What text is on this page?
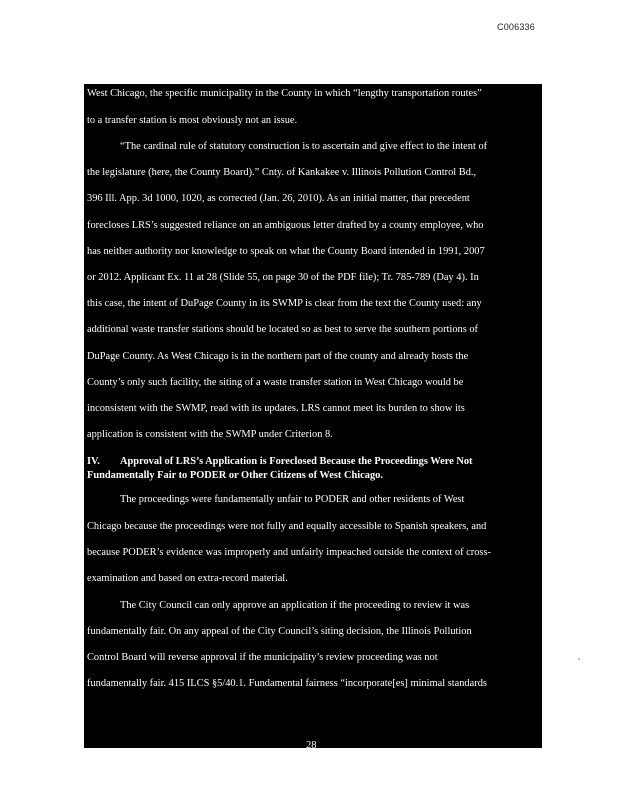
C006336
West Chicago, the specific municipality in the County in which “lengthy transportation routes”
to a transfer station is most obviously not an issue.
“The cardinal rule of statutory construction is to ascertain and give effect to the intent of
the legislature (here, the County Board).” Cnty. of Kankakee v. Illinois Pollution Control Bd.,
396 Ill. App. 3d 1000, 1020, as corrected (Jan. 26, 2010). As an initial matter, that precedent
forecloses LRS’s suggested reliance on an ambiguous letter drafted by a county employee, who
has neither authority nor knowledge to speak on what the County Board intended in 1991, 2007
or 2012. Applicant Ex. 11 at 28 (Slide 55, on page 30 of the PDF file); Tr. 785-789 (Day 4). In
this case, the intent of DuPage County in its SWMP is clear from the text the County used: any
additional waste transfer stations should be located so as best to serve the southern portions of
DuPage County. As West Chicago is in the northern part of the county and already hosts the
County’s only such facility, the siting of a waste transfer station in West Chicago would be
inconsistent with the SWMP, read with its updates. LRS cannot meet its burden to show its
application is consistent with the SWMP under Criterion 8.
IV. Approval of LRS’s Application is Foreclosed Because the Proceedings Were Not
Fundamentally Fair to PODER or Other Citizens of West Chicago.
The proceedings were fundamentally unfair to PODER and other residents of West
Chicago because the proceedings were not fully and equally accessible to Spanish speakers, and
because PODER’s evidence was improperly and unfairly impeached outside the context of cross-
examination and based on extra-record material.
The City Council can only approve an application if the proceeding to review it was
fundamentally fair. On any appeal of the City Council’s siting decision, the Illinois Pollution
Control Board will reverse approval if the municipality’s review proceeding was not
fundamentally fair. 415 ILCS §5/40.1. Fundamental fairness “incorporate[es] minimal standards
28
